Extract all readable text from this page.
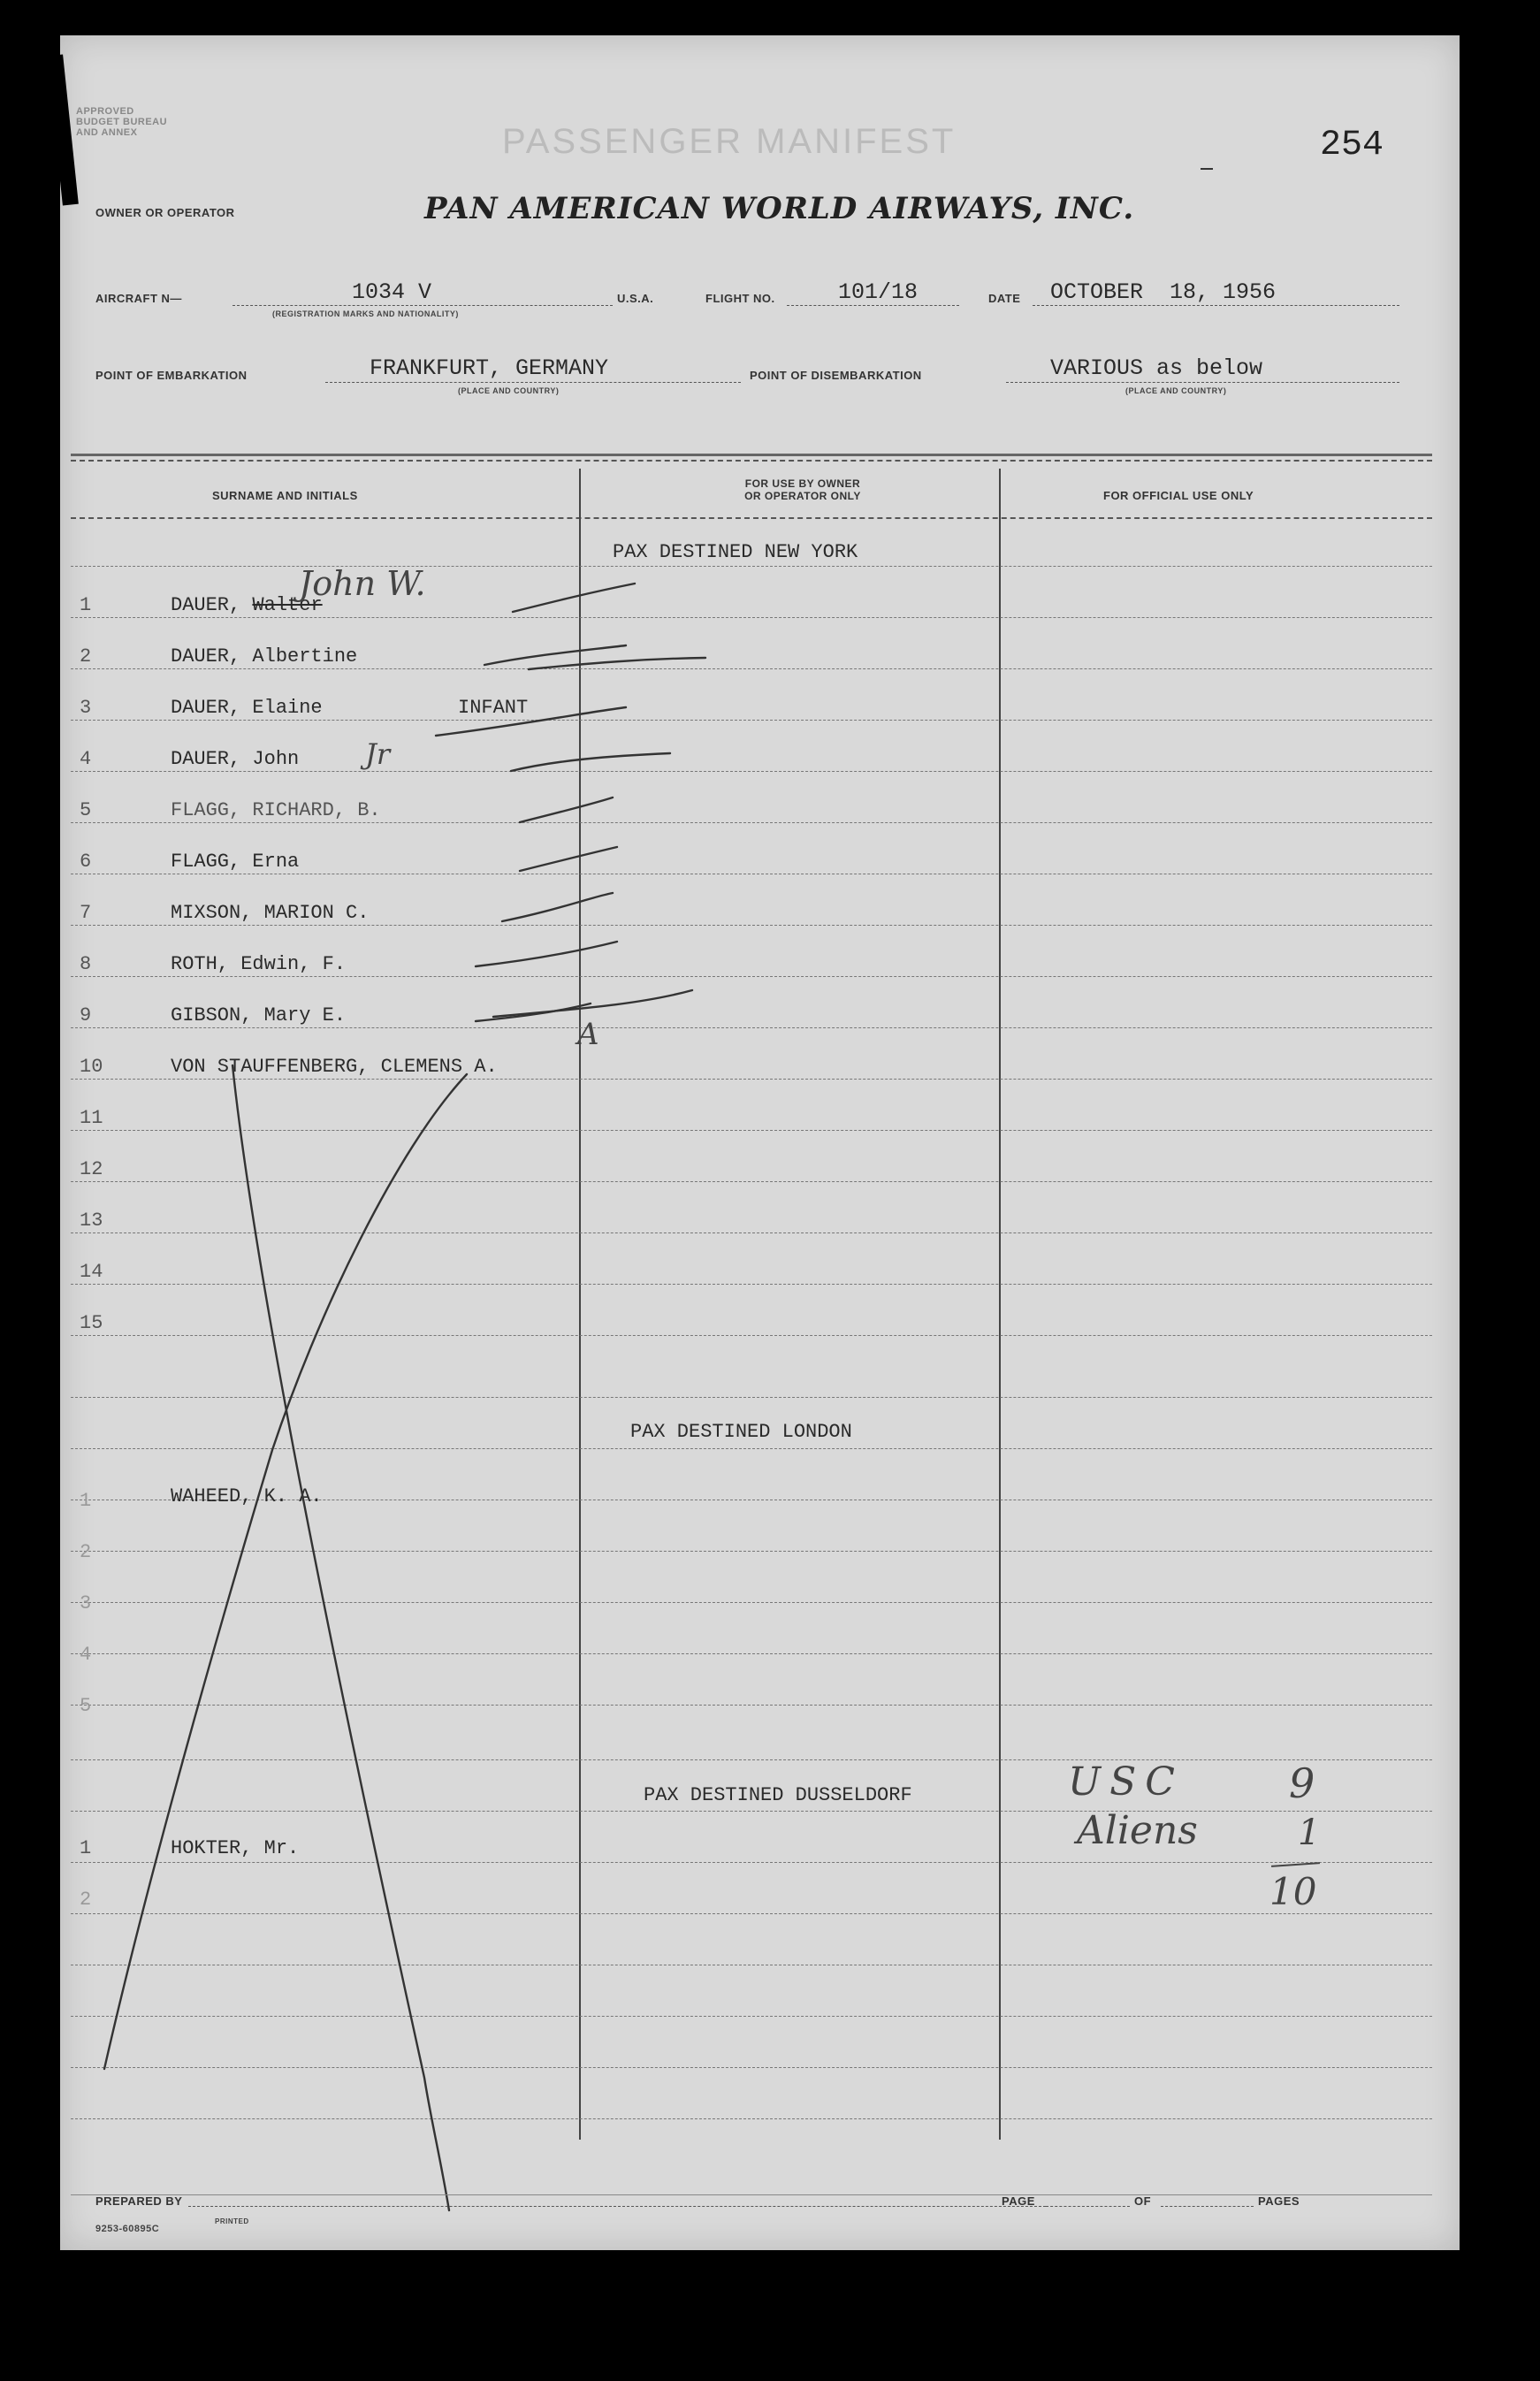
APPROVED
BUDGET BUREAU
AND ANNEX	PASSENGER MANIFEST	254
OWNER OR OPERATOR	PAN AMERICAN WORLD AIRWAYS, INC.
AIRCRAFT N—	1034 V
(REGISTRATION MARKS AND NATIONALITY)
U.S.A.	FLIGHT NO.	101/18	DATE OCTOBER  18, 1956
POINT OF EMBARKATION	FRANKFURT, GERMANY
(PLACE AND COUNTRY)
POINT OF DISEMBARKATION	VARIOUS as below
(PLACE AND COUNTRY)
SURNAME AND INITIALS
FOR USE BY OWNER
OR OPERATOR ONLY	FOR OFFICIAL USE ONLY
PAX DESTINED NEW YORK
PAX DESTINED LONDON
PAX DESTINED DUSSELDORF
1	DAUER, Walter
John W.
2	DAUER, Albertine
3	DAUER, Elaine	INFANT
4	DAUER, John Jr
5	FLAGG, RICHARD, B.
6	FLAGG, Erna
7	MIXSON, MARION C.
8	ROTH, Edwin, F.
9	GIBSON, Mary E.
10	VON STAUFFENBERG, CLEMENS A.
A
11
12
13
14
15
1	WAHEED, K. A.
2
3
4
5
1	HOKTER, Mr.
2
USC	9
Aliens	1
10
PREPARED BY	PAGE	OF	PAGES
9253-60895C
PRINTED
